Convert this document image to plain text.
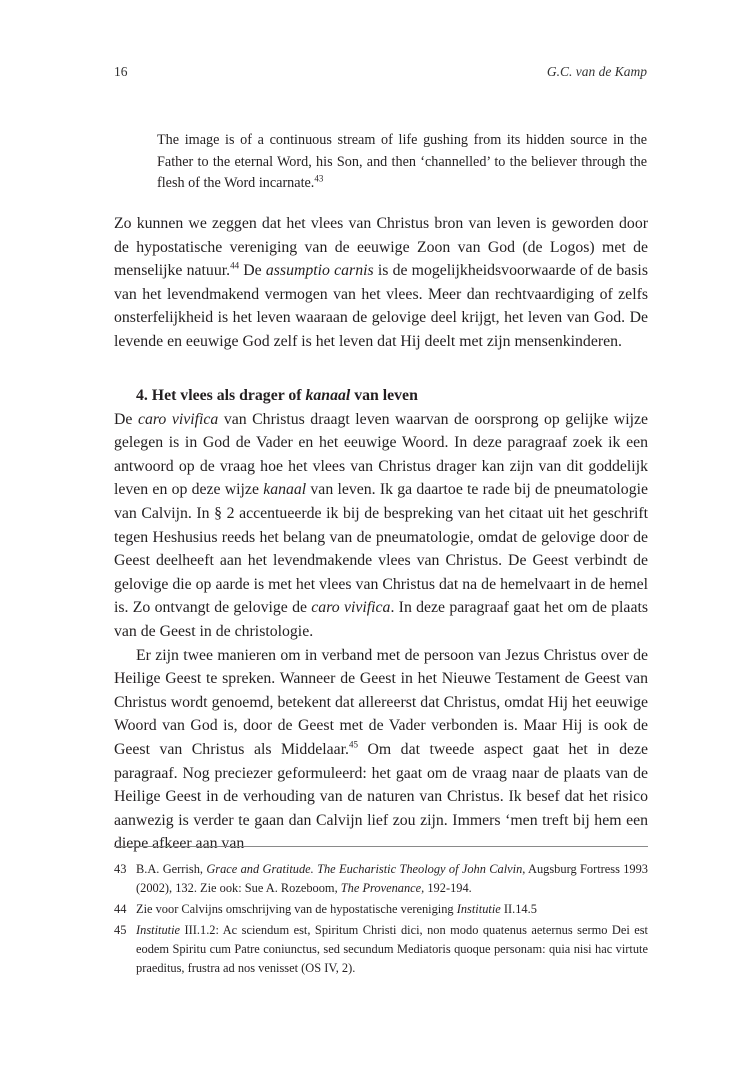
16	G.C. van de Kamp
The image is of a continuous stream of life gushing from its hidden source in the Father to the eternal Word, his Son, and then ‘channelled’ to the believer through the flesh of the Word incarnate.$^{43}$

Zo kunnen we zeggen dat het vlees van Christus bron van leven is geworden door de hypostatische vereniging van de eeuwige Zoon van God (de Logos) met de menselijke natuur.$^{44}$ De assumptio carnis is de mogelijkheidsvoorwaarde of de basis van het levendmakend vermogen van het vlees. Meer dan rechtvaardiging of zelfs onsterfelijkheid is het leven waaraan de gelovige deel krijgt, het leven van God. De levende en eeuwige God zelf is het leven dat Hij deelt met zijn mensenkinderen.

4. Het vlees als drager of kanaal van leven

De caro vivifica van Christus draagt leven waarvan de oorsprong op gelijke wijze gelegen is in God de Vader en het eeuwige Woord. In deze paragraaf zoek ik een antwoord op de vraag hoe het vlees van Christus drager kan zijn van dit goddelijk leven en op deze wijze kanaal van leven. Ik ga daartoe te rade bij de pneumatologie van Calvijn. In § 2 accentueerde ik bij de bespreking van het citaat uit het geschrift tegen Heshusius reeds het belang van de pneumatologie, omdat de gelovige door de Geest deelheeft aan het levendmakende vlees van Christus. De Geest verbindt de gelovige die op aarde is met het vlees van Christus dat na de hemelvaart in de hemel is. Zo ontvangt de gelovige de caro vivifica. In deze paragraaf gaat het om de plaats van de Geest in de christologie.

Er zijn twee manieren om in verband met de persoon van Jezus Christus over de Heilige Geest te spreken. Wanneer de Geest in het Nieuwe Testament de Geest van Christus wordt genoemd, betekent dat allereerst dat Christus, omdat Hij het eeuwige Woord van God is, door de Geest met de Vader verbonden is. Maar Hij is ook de Geest van Christus als Middelaar.$^{45}$ Om dat tweede aspect gaat het in deze paragraaf. Nog preciezer geformuleerd: het gaat om de vraag naar de plaats van de Heilige Geest in de verhouding van de naturen van Christus. Ik besef dat het risico aanwezig is verder te gaan dan Calvijn lief zou zijn. Immers ‘men treft bij hem een diepe afkeer aan van

43 B.A. Gerrish, Grace and Gratitude. The Eucharistic Theology of John Calvin, Augsburg Fortress 1993 (2002), 132. Zie ook: Sue A. Rozeboom, The Provenance, 192-194.
44 Zie voor Calvijns omschrijving van de hypostatische vereniging Institutie II.14.5
45 Institutie III.1.2: Ac sciendum est, Spiritum Christi dici, non modo quatenus aeternus sermo Dei est eodem Spiritu cum Patre coniunctus, sed secundum Mediatoris quoque personam: quia nisi hac virtute praeditus, frustra ad nos venisset (OS IV, 2).
